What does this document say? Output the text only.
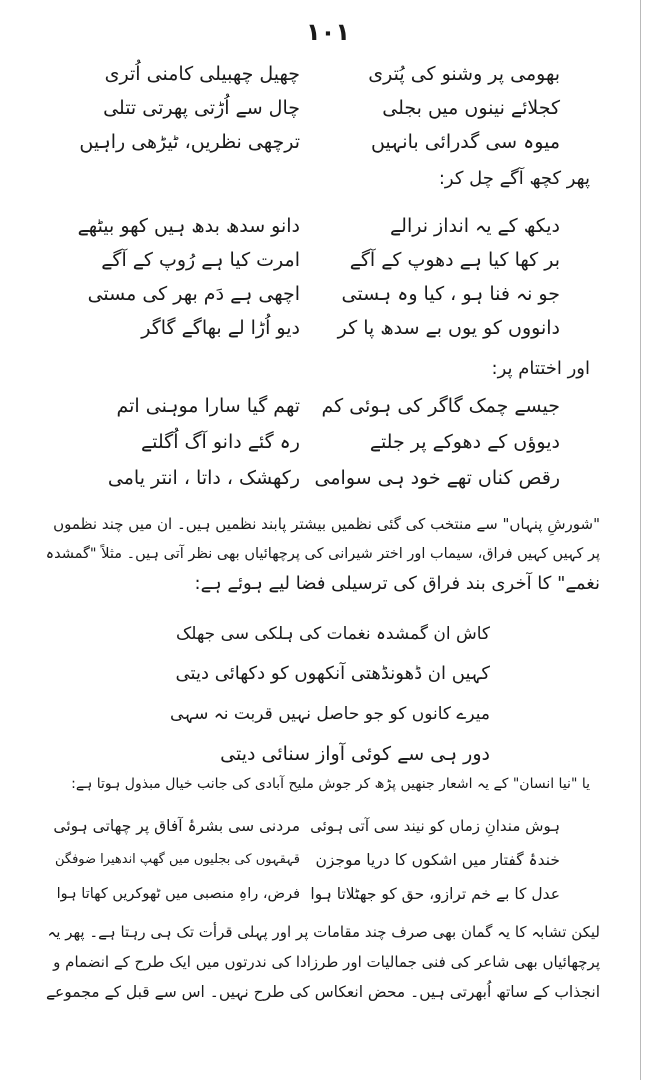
١٠١
بھومی پر وشنو کی پُتری
چھیل چھبیلی کامنی اُتری
کجلائے نینوں میں بجلی
چال سے اُڑتی پھرتی تتلی
میوہ سی گدرائی بانہیں
ترچھی نظریں، ٹیڑھی راہیں
پھر کچھ آگے چل کر:
دیکھ کے یہ انداز نرالے
دانو سدھ بدھ ہیں کھو بیٹھے
بر کھا کیا ہے دھوپ کے آگے
امرت کیا ہے رُوپ کے آگے
جو نہ فنا ہو ، کیا وہ ہستی
اچھی ہے دَم بھر کی مستی
دانووں کو یوں بے سدھ پا کر
دیو اُڑا لے بھاگے گاگر
اور اختتام پر:
جیسے چمک گاگر کی ہوئی کم
تھم گیا سارا موہنی اتم
دیوؤں کے دھوکے پر جلتے
رہ گئے دانو آگ اُگلتے
رقص کناں تھے خود ہی سوامی
رکھشک ، داتا ، انتر یامی
"شورشِ پنہاں" سے منتخب کی گئی نظمیں بیشتر پابند نظمیں ہیں۔ ان میں چند نظموں
پر کہیں کہیں فراق، سیماب اور اختر شیرانی کی پرچھائیاں بھی نظر آتی ہیں۔ مثلاً "گمشدہ
نغمے" کا آخری بند فراق کی ترسیلی فضا لیے ہوئے ہے:
کاش ان گمشدہ نغمات کی ہلکی سی جھلک
کہیں ان ڈھونڈھتی آنکھوں کو دکھائی دیتی
میرے کانوں کو جو حاصل نہیں قربت نہ سہی
دور ہی سے کوئی آواز سنائی دیتی
یا "نیا انسان" کے یہ اشعار جنھیں پڑھ کر جوش ملیح آبادی کی جانب خیال مبذول ہوتا ہے:
ہوش مندانِ زماں کو نیند سی آتی ہوئی
مردنی سی بشرۂ آفاق پر چھاتی ہوئی
خندۂ گفتار میں اشکوں کا دریا موجزن
قہقہوں کی بجلیوں میں گھپ اندھیرا ضوفگن
عدل کا بے خم ترازو، حق کو جھٹلاتا ہوا
فرض، راہِ منصبی میں ٹھوکریں کھاتا ہوا
لیکن تشابہ کا یہ گمان بھی صرف چند مقامات پر اور پہلی قرأت تک ہی رہتا ہے۔ پھر یہ
پرچھائیاں بھی شاعر کی فنی جمالیات اور طرزادا کی ندرتوں میں ایک طرح کے انضمام و
انجذاب کے ساتھ اُبھرتی ہیں۔ محض انعکاس کی طرح نہیں۔ اس سے قبل کے مجموعے
